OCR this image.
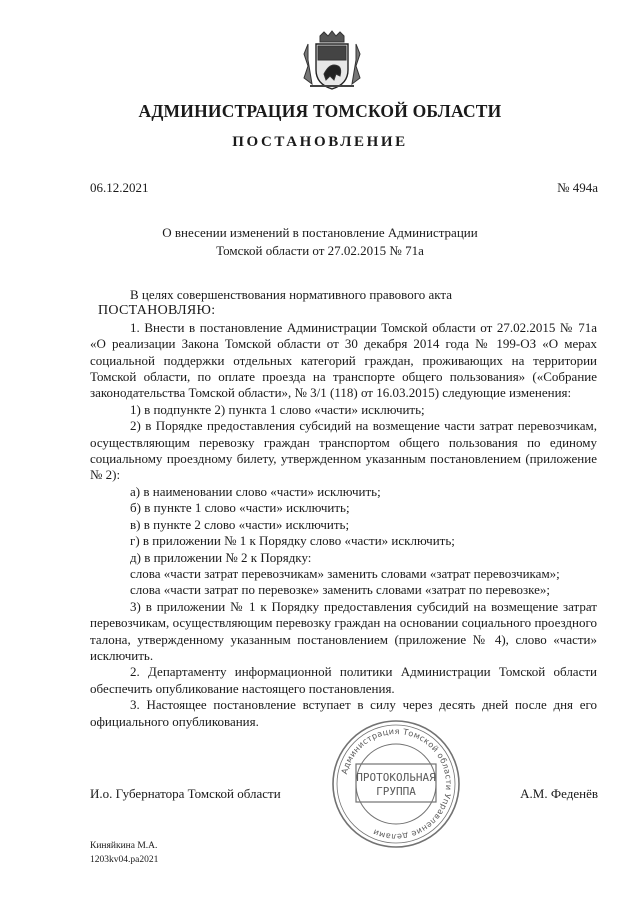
АДМИНИСТРАЦИЯ ТОМСКОЙ ОБЛАСТИ
ПОСТАНОВЛЕНИЕ
06.12.2021	№ 494а
О внесении изменений в постановление Администрации
Томской области от 27.02.2015 № 71а

В целях совершенствования нормативного правового акта

ПОСТАНОВЛЯЮ:

1. Внести в постановление Администрации Томской области от 27.02.2015 № 71а «О реализации Закона Томской области от 30 декабря 2014 года № 199-ОЗ «О мерах социальной поддержки отдельных категорий граждан, проживающих на территории Томской области, по оплате проезда на транспорте общего пользования» («Собрание законодательства Томской области», № 3/1 (118) от 16.03.2015) следующие изменения:

1) в подпункте 2) пункта 1 слово «части» исключить;

2) в Порядке предоставления субсидий на возмещение части затрат перевозчикам, осуществляющим перевозку граждан транспортом общего пользования по единому социальному проездному билету, утвержденном указанным постановлением (приложение № 2):

а) в наименовании слово «части» исключить;

б) в пункте 1 слово «части» исключить;

в) в пункте 2 слово «части» исключить;

г) в приложении № 1 к Порядку слово «части» исключить;

д) в приложении № 2 к Порядку:

слова «части затрат перевозчикам» заменить словами «затрат перевозчикам»;

слова «части затрат по перевозке» заменить словами «затрат по перевозке»;

3) в приложении № 1 к Порядку предоставления субсидий на возмещение затрат перевозчикам, осуществляющим перевозку граждан на основании социального проездного талона, утвержденному указанным постановлением (приложение № 4), слово «части» исключить.

2. Департаменту информационной политики Администрации Томской области обеспечить опубликование настоящего постановления.

3. Настоящее постановление вступает в силу через десять дней после дня его официального опубликования.

И.о. Губернатора Томской области	А.М. Феденёв
Администрация Томской области Управление делами
ПРОТОКОЛЬНАЯ
ГРУППА
Киняйкина М.А.
1203kv04.ра2021
